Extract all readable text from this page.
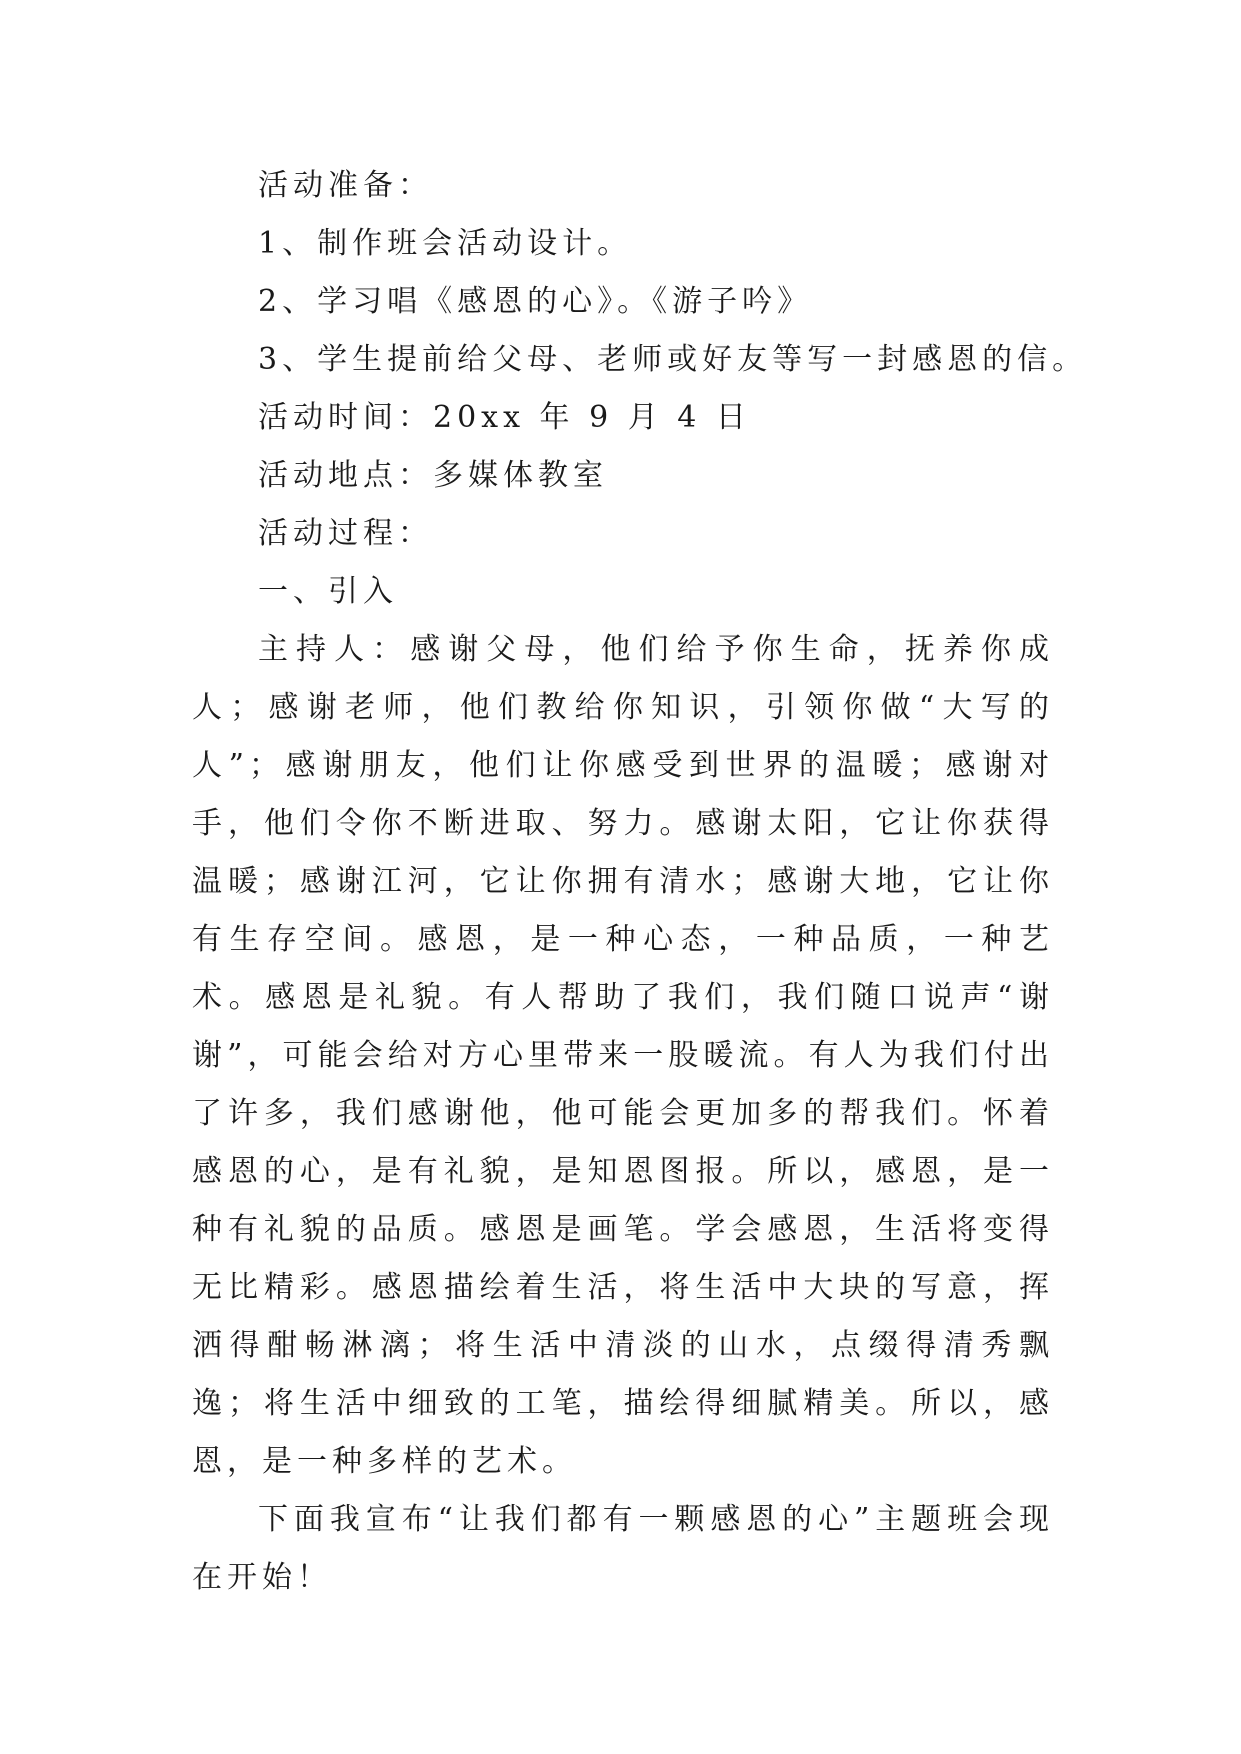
活动准备：

1、制作班会活动设计。

2、学习唱《感恩的心》。《游子吟》

3、学生提前给父母、老师或好友等写一封感恩的信。

活动时间：20xx 年 9 月 4 日

活动地点：多媒体教室

活动过程：

一、引入

主持人：感谢父母，他们给予你生命，抚养你成人；感谢老师，他们教给你知识，引领你做“大写的人”；感谢朋友，他们让你感受到世界的温暖；感谢对手，他们令你不断进取、努力。感谢太阳，它让你获得温暖；感谢江河，它让你拥有清水；感谢大地，它让你有生存空间。感恩，是一种心态，一种品质，一种艺术。感恩是礼貌。有人帮助了我们，我们随口说声“谢谢”，可能会给对方心里带来一股暖流。有人为我们付出了许多，我们感谢他，他可能会更加多的帮我们。怀着感恩的心，是有礼貌，是知恩图报。所以，感恩，是一种有礼貌的品质。感恩是画笔。学会感恩，生活将变得无比精彩。感恩描绘着生活，将生活中大块的写意，挥洒得酣畅淋漓；将生活中清淡的山水，点缀得清秀飘逸；将生活中细致的工笔，描绘得细腻精美。所以，感恩，是一种多样的艺术。

下面我宣布“让我们都有一颗感恩的心”主题班会现在开始！
